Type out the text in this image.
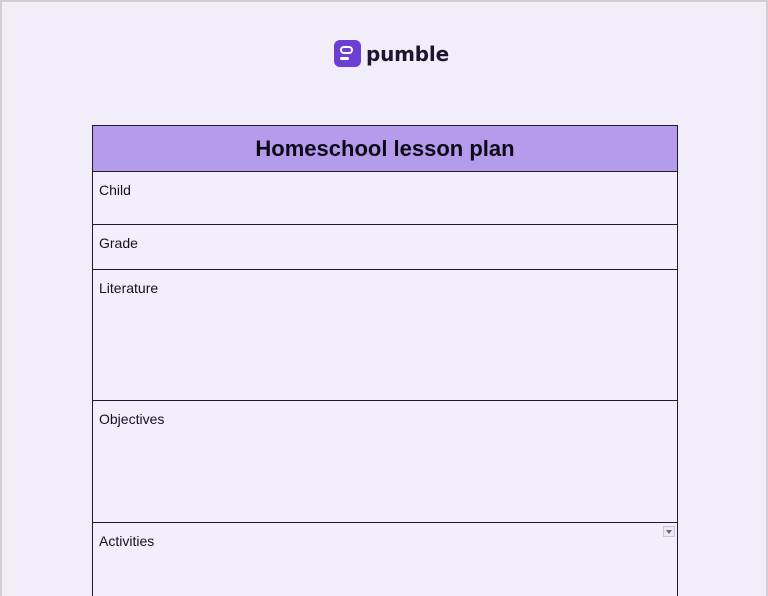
pumble
Homeschool lesson plan
Child
Grade
Literature
Objectives
Activities
